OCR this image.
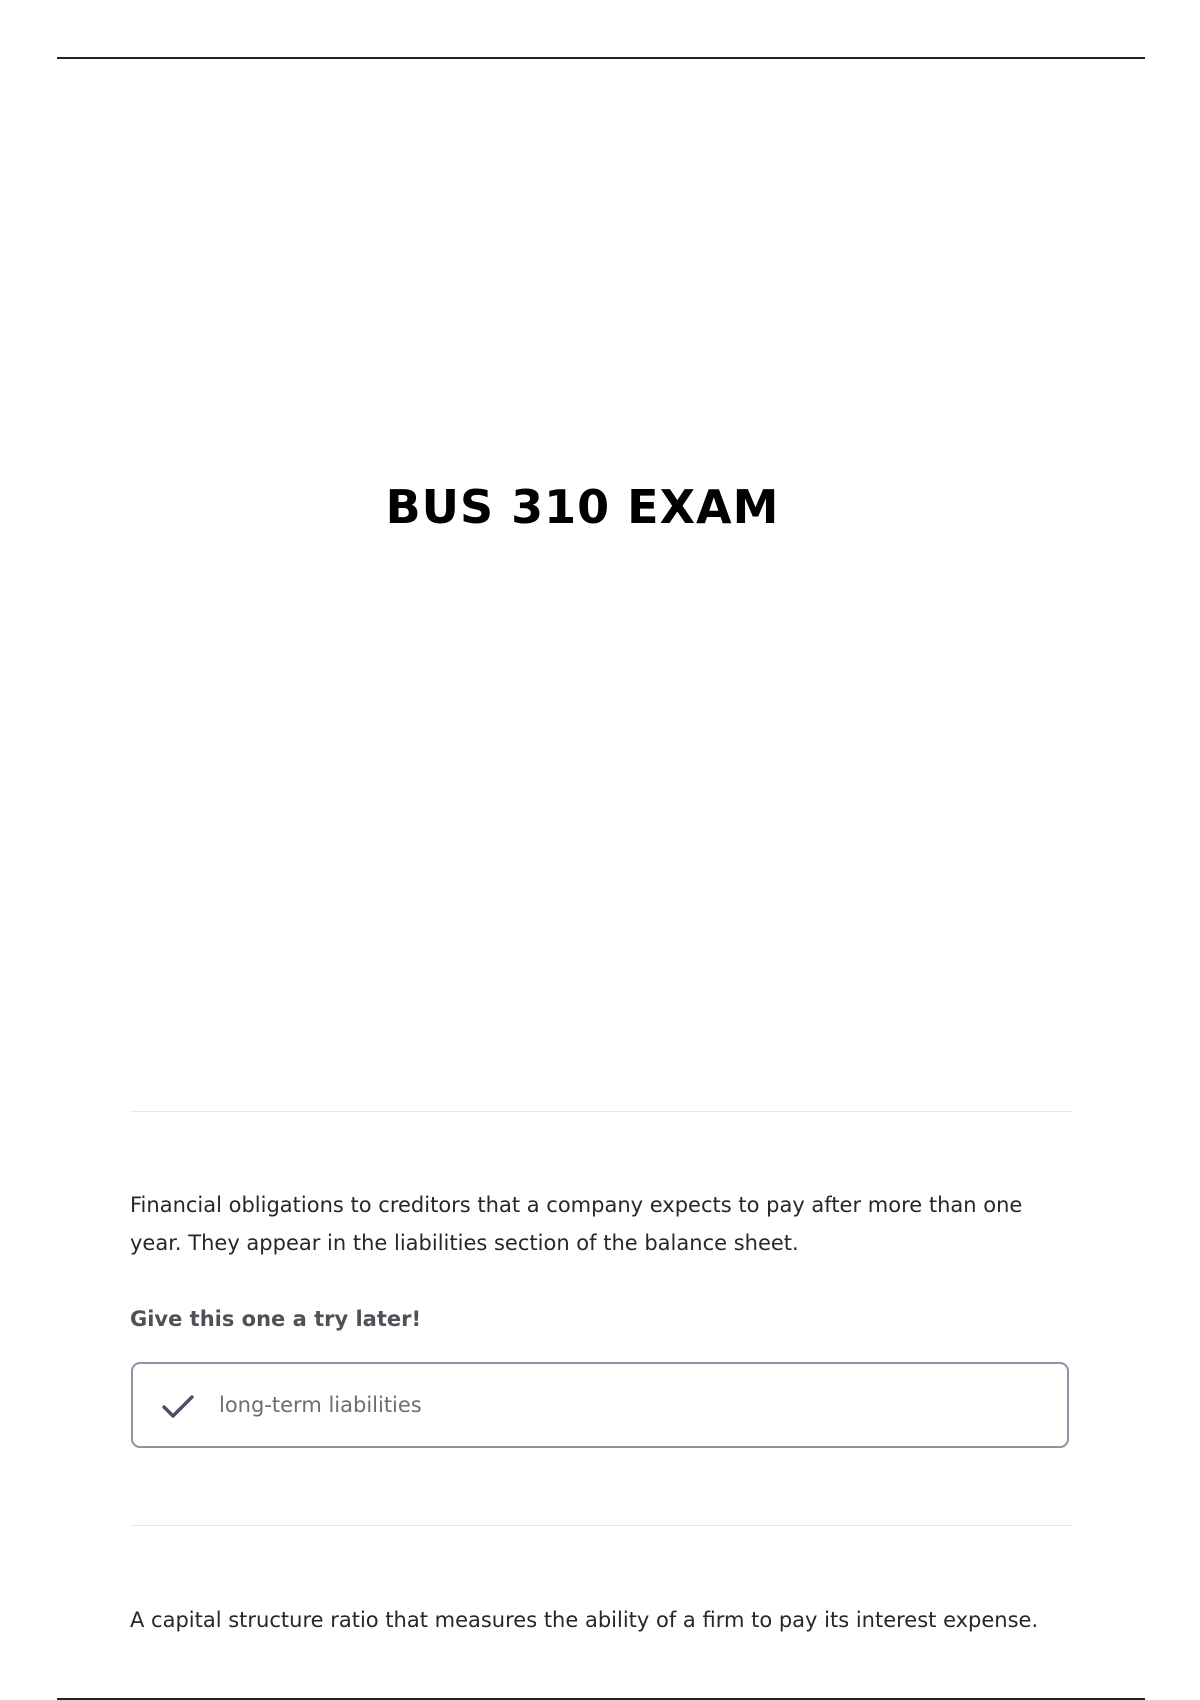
BUS 310 EXAM
Financial obligations to creditors that a company expects to pay after more than one year. They appear in the liabilities section of the balance sheet.
Give this one a try later!
long-term liabilities
A capital structure ratio that measures the ability of a firm to pay its interest expense.
